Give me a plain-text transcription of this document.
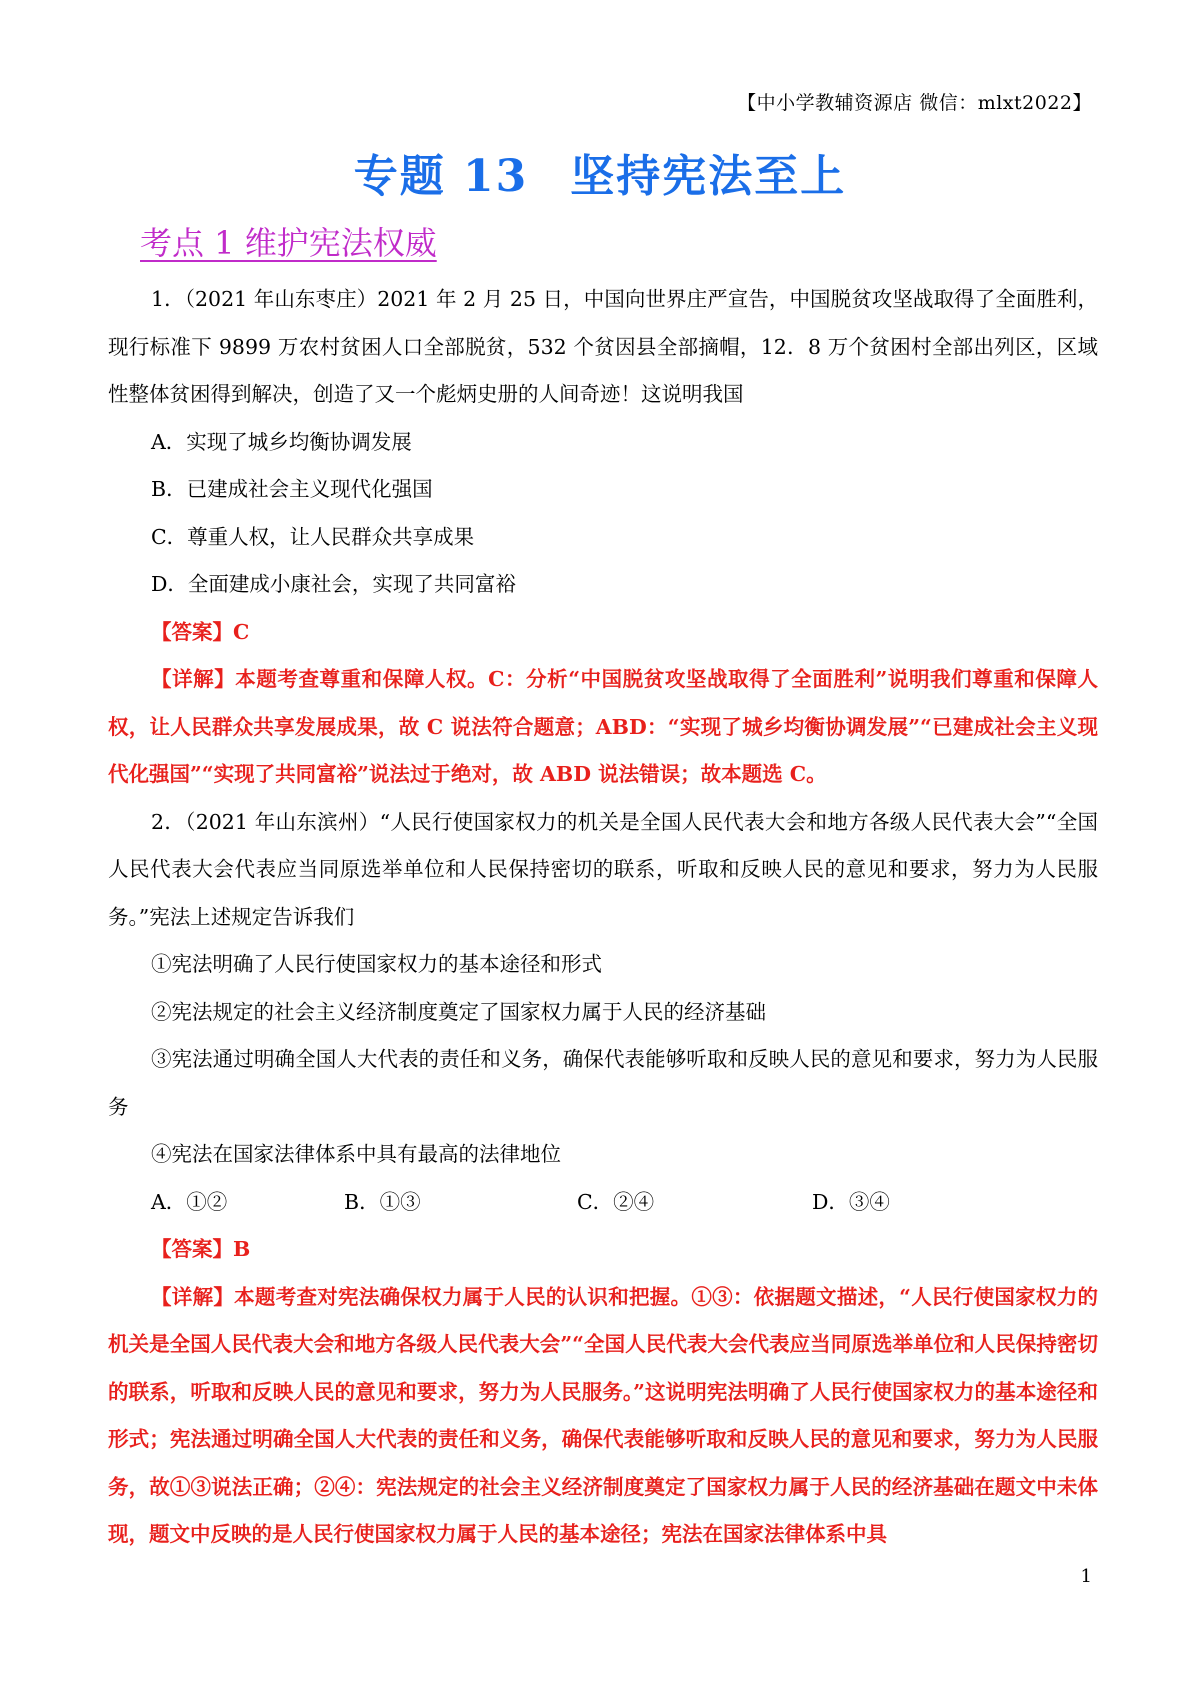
【中小学教辅资源店 微信：mlxt2022】
专题 13 坚持宪法至上
考点 1 维护宪法权威

1．（2021 年山东枣庄）2021 年 2 月 25 日，中国向世界庄严宣告，中国脱贫攻坚战取得了全面胜利，现行标准下 9899 万农村贫困人口全部脱贫，532 个贫因县全部摘帽，12．8 万个贫困村全部出列区，区域性整体贫困得到解决，创造了又一个彪炳史册的人间奇迹！这说明我国

A．实现了城乡均衡协调发展

B．已建成社会主义现代化强国

C．尊重人权，让人民群众共享成果

D．全面建成小康社会，实现了共同富裕

【答案】C

【详解】本题考查尊重和保障人权。C：分析“中国脱贫攻坚战取得了全面胜利”说明我们尊重和保障人权，让人民群众共享发展成果，故 C 说法符合题意；ABD：“实现了城乡均衡协调发展”“已建成社会主义现代化强国”“实现了共同富裕”说法过于绝对，故 ABD 说法错误；故本题选 C。

2．（2021 年山东滨州）“人民行使国家权力的机关是全国人民代表大会和地方各级人民代表大会”“全国人民代表大会代表应当同原选举单位和人民保持密切的联系，听取和反映人民的意见和要求，努力为人民服务。”宪法上述规定告诉我们

①宪法明确了人民行使国家权力的基本途径和形式

②宪法规定的社会主义经济制度奠定了国家权力属于人民的经济基础

③宪法通过明确全国人大代表的责任和义务，确保代表能够听取和反映人民的意见和要求，努力为人民服务

④宪法在国家法律体系中具有最高的法律地位

A．①②	B．①③	C．②④	D．③④

【答案】B

【详解】本题考查对宪法确保权力属于人民的认识和把握。①③：依据题文描述，“人民行使国家权力的机关是全国人民代表大会和地方各级人民代表大会”“全国人民代表大会代表应当同原选举单位和人民保持密切的联系，听取和反映人民的意见和要求，努力为人民服务。”这说明宪法明确了人民行使国家权力的基本途径和形式；宪法通过明确全国人大代表的责任和义务，确保代表能够听取和反映人民的意见和要求，努力为人民服务，故①③说法正确；②④：宪法规定的社会主义经济制度奠定了国家权力属于人民的经济基础在题文中未体现，题文中反映的是人民行使国家权力属于人民的基本途径；宪法在国家法律体系中具

1
